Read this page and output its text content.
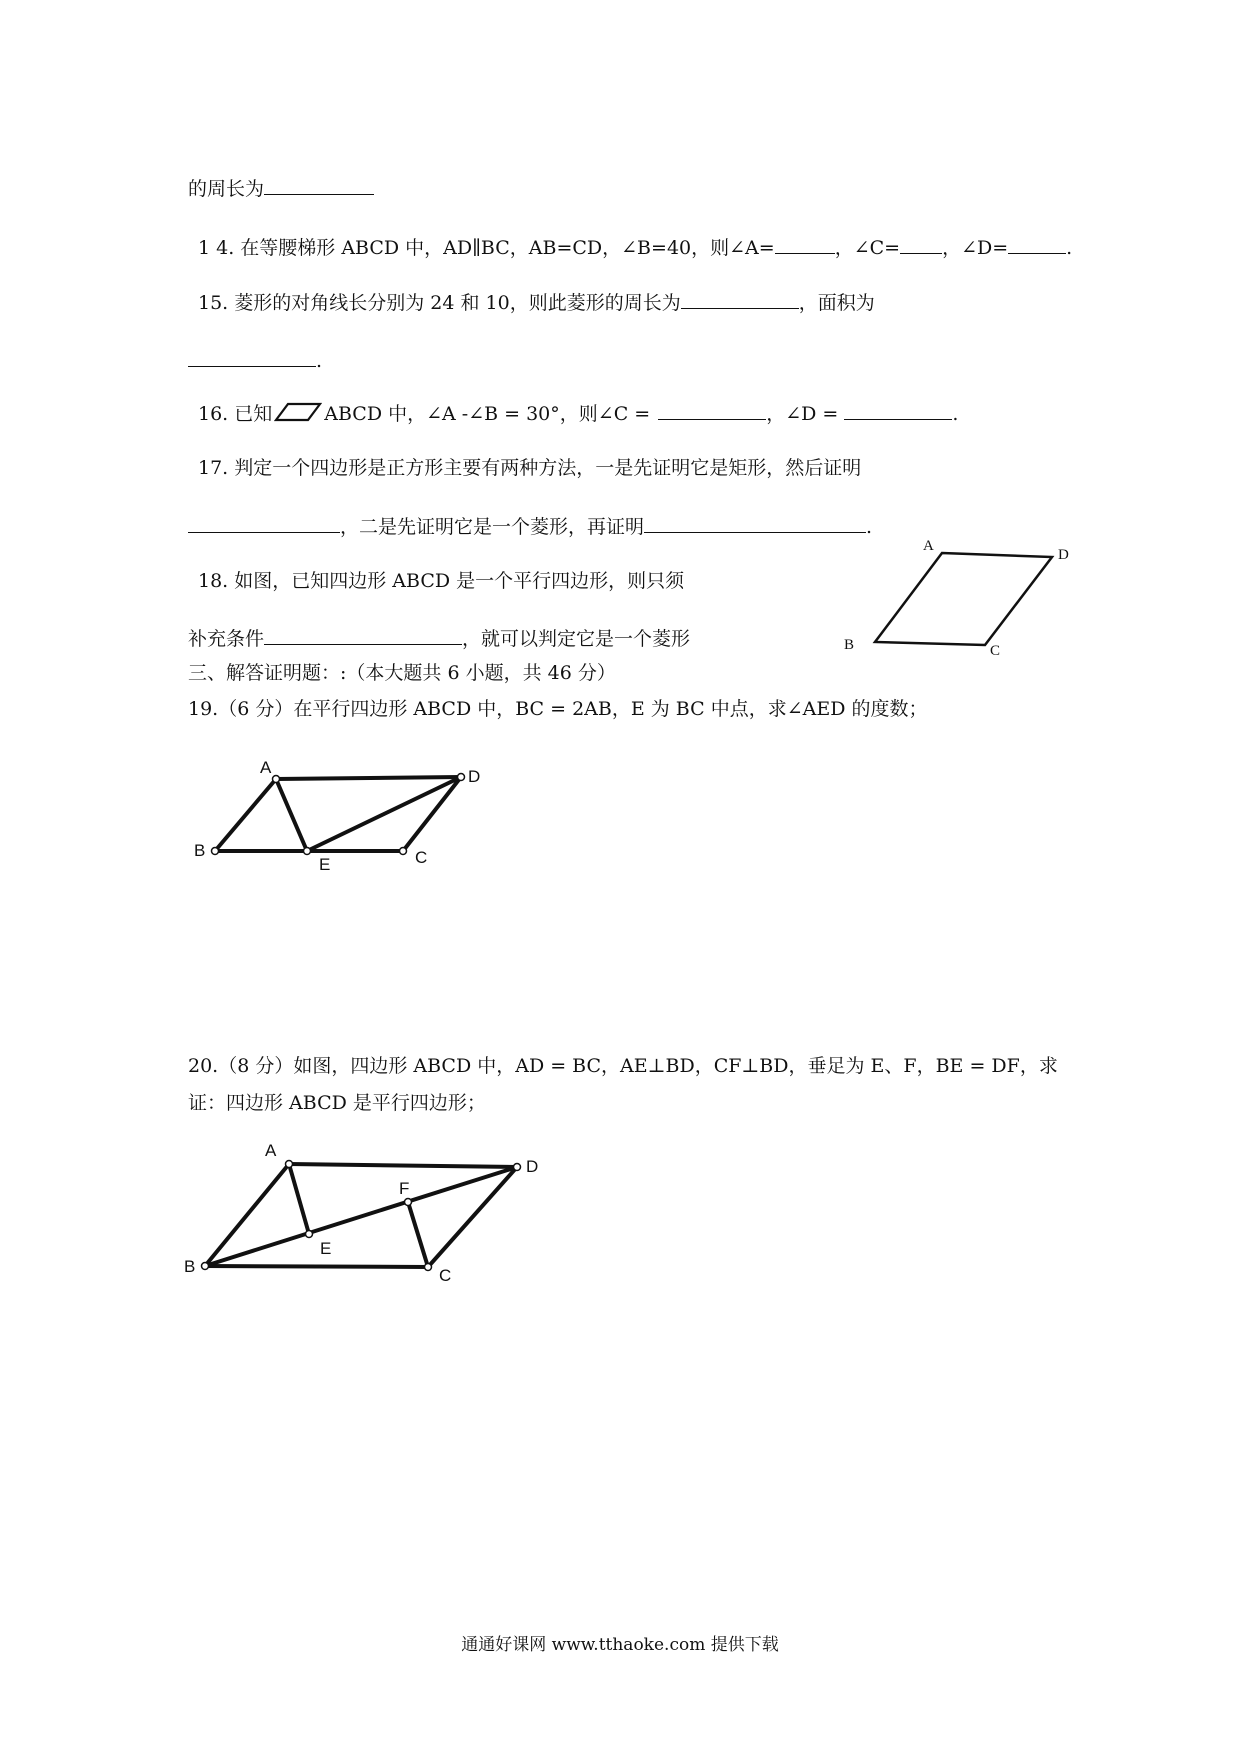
的周长为
1 4. 在等腰梯形 ABCD 中，AD∥BC，AB=CD，∠B=40，则∠A=	，∠C= ，∠D=	.
15. 菱形的对角线长分别为 24 和 10，则此菱形的周长为	，面积为
.
16. 已知	ABCD 中，∠A -∠B = 30°，则∠C =	，∠D =	.
17. 判定一个四边形是正方形主要有两种方法，一是先证明它是矩形，然后证明
，二是先证明它是一个菱形，再证明	.
18. 如图，已知四边形 ABCD 是一个平行四边形，则只须
补充条件	，就可以判定它是一个菱形
A
D
B	C
三、解答证明题：:（本大题共 6 小题，共 46 分）
19.（6 分）在平行四边形 ABCD 中，BC = 2AB，E 为 BC 中点，求∠AED 的度数；
A	D
B
E	C
20.（8 分）如图，四边形 ABCD 中，AD = BC，AE⊥BD，CF⊥BD，垂足为 E、F，BE = DF，求
证：四边形 ABCD 是平行四边形；
A
D
B	C
E
F
通通好课网 www.tthaoke.com 提供下载
